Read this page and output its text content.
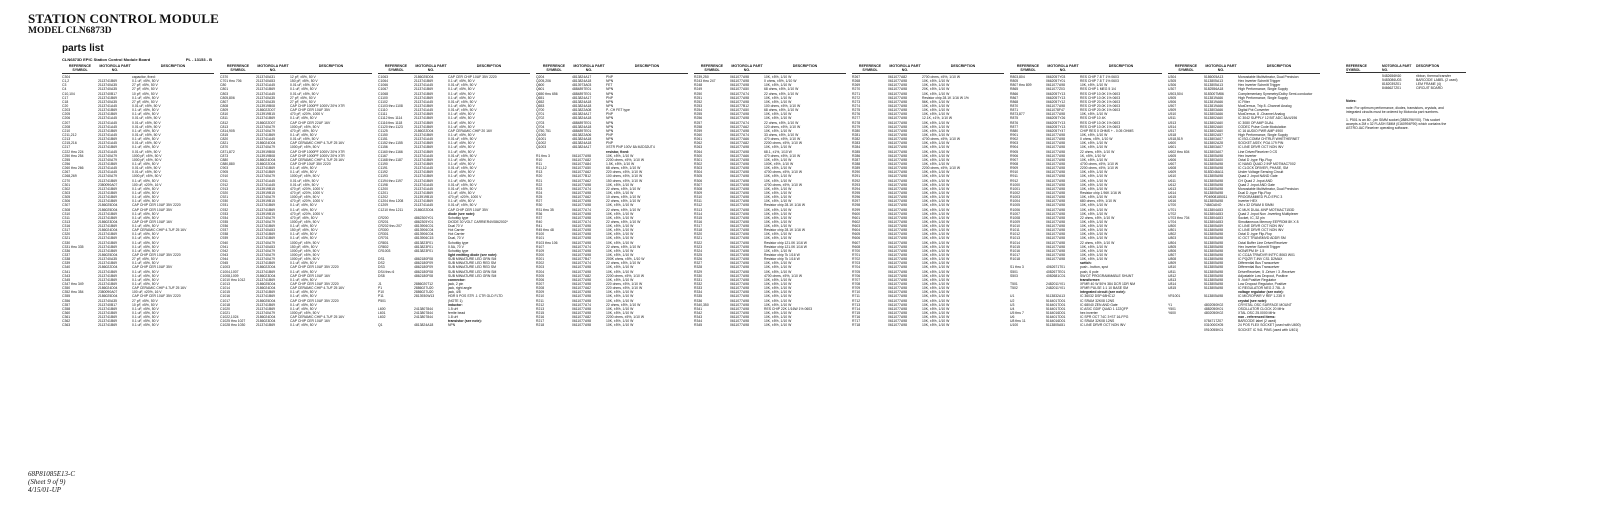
STATION CONTROL MODULE
MODEL CLN6873D
parts list
CLN6873D EPIC Station Control Module Board	PL - 13153 - B
REFERENCE SYMBOL
MOTOROLA PART NO.
DESCRIPTION
C304	capacitor, fixed:
C1,2	2113741B69	0.1 uF, ±5%, 50 V
C3	2113740A35	27 pF, ±5%, 50 V
C4	2113740A35	27 pF, ±5%, 50 V
C10,104	2113740B17	10 pF, ±5%, 50 V
C17	2113741B69	0.1 uF, ±5%, 50 V
C18	2113740A35	27 pF, ±5%, 50 V
C20	2113741A45	0.01 uF, ±5%, 50 V
C203	2113741B69	0.1 uF, ±5%, 50 V
C205	2113741B69	0.1 uF, ±5%, 50 V
C206	2113741A45	0.01 uF, ±5%, 50 V
C207	2113741A45	0.01 uF, ±5%, 50 V
C208	2113741A45	0.01 uF, ±5%, 50 V
C210	2113741B69	0.1 uF, ±5%, 50 V
C211,212	2113741A45	0.01 uF, ±5%, 50 V
C213	2113741B69	0.1 uF, ±5%, 50 V
C215,216	2113741A45	0.01 uF, ±5%, 50 V
C217	2113741B69	0.1 uF, ±5%, 50 V
C222 thru 224	2113741A45	0.01 uF, ±5%, 50 V
C250 thru 254	2113740A79	1000 pF, ±5%, 50 V
C255	2113740A79	1000 pF, ±5%, 50 V
C256	2113741B69	0.1 uF, ±5%, 50 V
C260 thru 266	2113741A45	0.01 uF, ±5%, 50 V
C267	2113741A45	0.01 uF, ±5%, 50 V
C268,269	2113740A79	1000 pF, ±5%, 50 V
C270	2113741B69	0.1 uF, ±5%, 50 V
C301	2380090A07	100 uF, ±20%, 16 V
C302	2113741B69	0.1 uF, ±5%, 50 V
C303	2113741B69	0.1 uF, ±5%, 50 V
C305	2113741B69	0.1 uF, ±5%, 50 V
C306	2113741B69	0.1 uF, ±5%, 50 V
C307	2186025D04	CAP CHIP CER 10UF 35V 2220
C308	2186025D04	CAP CHIP CER 10UF 35V
C310	2113741B69	0.1 uF, ±5%, 50 V
C311	2113741B69	0.1 uF, ±5%, 50 V
C313	2186023D04	CAP CHIP CER 10UF 16V
C316	2113741B69	0.1 uF, ±5%, 50 V
C317	2186024D04	CAP CERAMIC CHIP 4.7UF 25 16V
C320	2113741B69	0.1 uF, ±5%, 50 V
C321	2113741B69	0.1 uF, ±5%, 50 V
C330	2113741B69	0.1 uF, ±5%, 50 V
C331 thru 335	2113741B69	0.1 uF, ±5%, 50 V
C336	2113741B69	0.1 uF, ±5%, 50 V
C337	2186025D04	CAP CHIP CER 10UF 35V 2220
C338	2113740A35	27 pF, ±5%, 50 V
C339	2113741B69	0.1 uF, ±5%, 50 V
C340	2186022D04	CAP CHIP CER 10UF 35V
C341	2113741B69	0.1 uF, ±5%, 50 V
C343	2113741B69	0.1 uF, ±5%, 50 V
C345	2113741B69	0.1 uF, ±5%, 50 V
C347 thru 349	2113741B69	0.1 uF, ±5%, 50 V
C350	2186024D04	CAP CERAMIC CHIP 4.7UF 25 16V
C352 thru 354	2380090A07	100 uF, ±20%, 16 V
C355	2186025D04	CAP CHIP CER 10UF 35V 2220
C356	2113740A35	27 pF, ±5%, 50 V
C357	2113740B17	10 pF, ±5%, 50 V
C358	2113741B69	0.1 uF, ±5%, 50 V
C360	2113741B69	0.1 uF, ±5%, 50 V
C361	2113741B69	0.1 uF, ±5%, 50 V
C362	2113741B69	0.1 uF, ±5%, 50 V
C363	2113741B69	0.1 uF, ±5%, 50 V
REFERENCE SYMBOL
MOTOROLA PART NO.
DESCRIPTION
C370	2113740A31	12 pF, ±5%, 50 V
C701 thru 706	2113740A53	150 pF, ±5%, 50 V
C80	2113741A45	0.01 uF, ±5%, 50 V
C801	2113741B69	0.1 uF, ±5%, 50 V
C803	2113741A45	0.01 uF, ±5%, 50 V
C805,806	2113740A35	27 pF, ±5%, 50 V
C807	2113740A35	27 pF, ±5%, 50 V
C808	2113919B08	CAP CHIP 1000PF 1000V 20% X7R
C809	2186022D07	CAP CHIP CER 10UF 35V
C810	2113919B15	470 pF, ±20%, 1000 V
C811	2113741B69	0.1 uF, ±5%, 50 V
C812	2186022D07	CAP CHIP CER 22UF 16V
C813	2113740A79	1000 pF, ±5%, 50 V
C814,905	2113740A79	470 pF, ±5%, 50 V
C815	2113741B69	0.1 uF, ±5%, 50 V
C820	2113741A45	0.01 uF, ±5%, 50 V
C821	2186024D04	CAP CERAMIC CHIP 4.7UF 25 16V
C870	2113740A79	1000 pF, ±5%, 50 V
C871,872	2113919B08	CAP CHIP 1000PF 1000V 20% X7R
C873	2113919B08	CAP CHIP 1000PF 1000V 20% X7R
C880	2186024D04	CAP CERAMIC CHIP 4.7UF 25 16V
C880,880	2186022D04	CAP CHIP 10UF 35V 2220
C903	2113741B69	0.1 uF, ±5%, 50 V
C905	2113741B69	0.1 uF, ±5%, 50 V
C910	2113740A79	1000 pF, ±5%, 50 V
C911	2113741A45	0.01 uF, ±5%, 50 V
C912	2113741A45	0.01 uF, ±5%, 50 V
C913	2113919B15	470 pF, ±20%, 1000 V
C920	2113919B15	470 pF, ±20%, 1000 V
C921	2113740A79	1000 pF, ±5%, 50 V
C930	2113919B15	470 pF, ±20%, 1000 V
C931	2113741B69	0.1 uF, ±5%, 50 V
C932	2113741B69	0.1 uF, ±5%, 50 V
C933	2113919B15	470 pF, ±20%, 1000 V
C934	2113740A79	470 pF, ±5%, 50 V
C935	2113740A79	1000 pF, ±5%, 50 V
C936	2113741B69	0.1 uF, ±5%, 50 V
C937	2113740A53	150 pF, ±5%, 50 V
C938	2113741B69	0.1 uF, ±5%, 50 V
C939	2113741B69	0.1 uF, ±5%, 50 V
C940	2113740A79	1000 pF, ±5%, 50 V
C941	2113740A53	150 pF, ±5%, 50 V
C942	2113740A79	1000 pF, ±5%, 50 V
C943	2113740A79	1000 pF, ±5%, 50 V
C944	2113740A79	1000 pF, ±5%, 50 V
C945	2113741B69	0.1 uF, ±5%, 50 V
C1003	2186022D04	CAP CHIP CER 10UF 35V 2220
C1004,1007	2113741B69	0.1 uF, ±5%, 50 V
C1008,1009	2186023D04	CAP CHIP CER 10UF 16V
C1010 thru 1012	2113741B69	0.1 uF, ±5%, 50 V
C1013	2186025D04	CAP CHIP CER 10UF 35V 2220
C1014	2186024D04	CAP CERAMIC CHIP 4.7UF 25 16V
C1015	2113741B69	0.1 uF, ±5%, 50 V
C1016	2113741B69	0.1 uF, ±5%, 50 V
C1017	2186025D04	CAP CHIP CER 10UF 35V 2220
C1018	2113741B69	0.1 uF, ±5%, 50 V
C1020	2113741B69	0.1 uF, ±5%, 50 V
C1021	2113740A79	1000 pF, ±5%, 50 V
C1022,1024	2186024D04	CAP CERAMIC CHIP 4.7UF 25 16V
C1025 thru 1027	2186023D04	CAP CHIP CER 10UF 16V
C1028 thru 1030	2113741B69	0.1 uF, ±5%, 50 V
REFERENCE SYMBOL
MOTOROLA PART NO.
DESCRIPTION
C1063	2186025D04	CAP CER CHIP 10UF 35V 2220
C1064	2113741B69	0.1 uF, ±5%, 50 V
C1066	2113741A45	0.01 uF, ±5%, 50 V
C1067	2113741B69	0.1 uF, ±5%, 50 V
C1068	2113741B69	0.1 uF, ±5%, 50 V
C1100	2113741B69	0.1 uF, ±5%, 50 V
C1102	2113741A45	0.01 uF, ±5%, 50 V
C1103 thru 1108	2113741B69	0.1 uF, ±5%, 50 V
C1110	2113741A45	0.01 uF, ±5%, 50 V
C1111	2113741B69	0.1 uF, ±5%, 50 V
C1112 thru 1114	2113741B69	0.1 uF, ±5%, 50 V
C1116 thru 1118	2113741B69	0.1 uF, ±5%, 50 V
C1120 thru 1123	2113741B69	0.1 uF, ±5%, 50 V
C1125	2186022D04	CAP CERAMIC CHIP 20 16V
C1150	2113741B69	0.1 uF, ±5%, 50 V
C1151	2113741A45	0.01 uF, ±5%, 50 V
C1152 thru 1155	2113741B69	0.1 uF, ±5%, 50 V
C1156	2113741B69	0.1 uF, ±5%, 50 V
C1160 thru 1166	2113741B69	0.1 uF, ±5%, 50 V
C1167	2113741A45	0.01 uF, ±5%, 50 V
C1168 thru 1187	2113741B69	0.1 uF, ±5%, 50 V
C1190	2113741B69	0.1 uF, ±5%, 50 V
C1191	2113741A45	0.01 uF, ±5%, 50 V
C1192	2113741B69	0.1 uF, ±5%, 50 V
C1193	2113741B69	0.1 uF, ±5%, 50 V
C1194 thru 1197	2113741B69	0.1 uF, ±5%, 50 V
C1198	2113741A45	0.01 uF, ±5%, 50 V
C1200	2113741A45	0.01 uF, ±5%, 50 V
C1201	2113741B69	0.1 uF, ±5%, 50 V
C1202	2113919B15	470 pF, ±20%, 1000 V
C1204 thru 1208	2113741B69	0.1 uF, ±5%, 50 V
C1209	2113741A45	0.01 uF, ±5%, 50 V
C1210 thru 1211	2186022D04	CAP CHIP CER 10UF 35V
diode (see note):
CR200	4862300Y01	Schottky type
CR201	4862305Y01	DIODE 30 VOLT CARRIER4V0862002*
CR202 thru 207	4813906C01	Dual 70 V
CR300	4813906C04	Hot Carrier
CR301	4813906C04	Hot Carrier
CR701	4813906C15	Dual, 70 V
CR801	4813823F01	Schottky type
CR802	4813823F01	0.5A, 70 V
CR1003	4813823F01	Schottky type
light emitting diode (see note):
DS1	4862180F08	SUB MINIATURE LED GRN SM
DS2	4862180F09	SUB MINIATURE LED RED SM
DS3	4862180F09	SUB MINIATURE LED RED SM
DS4 thru 6	4862180F08	SUB MINIATURE LED GRN SM
DS8	4862180F08	SUB MINIATURE LED GRN SM
connector:
J1	2886020T12	jack, 2 pin
P1	2886027U20	jack, right angle
P10	2886027U20	jack, 4/8
P11	2813930W13	HDR 5 POS STR .1 CTR GLD FLTD
P501	(NOTE 1)
inductor:
L600	2413807844	1.5 uH
L601	2413807844	ferrite bead
L602	2413807844	1.8 uH
transistor (see note):
Q1	4813824A18	NPN
REFERENCE SYMBOL
MOTOROLA PART NO.
DESCRIPTION
Q204	4813824A17	PNP
Q205,206	4813824A18	NPN
Q600	4813973A03	FET
Q601	4884897E01	NPN
Q650 thru 656	4884897E01	NPN
Q651	4813824A17	PNP
Q652	4813824A18	NPN
Q653	4813824A18	NPN
Q700	4813822A08	P- CH FET type
Q701	4813824A17	PNP
Q702	4813824A18	NPN
Q703	4884897E01	NPN
Q704	4813824A18	NPN
Q750,751	4884897E01	NPN
Q1000	4813822A06	PNP
Q1001	4813824A18	NPN
Q1002	4813824A18	PNP
Q1003	4813824A17	XSTR PNP 100V 8A MJD32UT4
resistor, fixed:
R1 thru 3	0611077A98	10K, ±5%, 1/10 W
R10	0611077A82	2200 ohms, ±5%, 1/10 W
R11	0611077A84	1.5K, ±5%, 1/10 W
R11,12	0611077A50	68 ohms, ±5%, 1/10 W
R13	0611077A62	220 ohms, ±5%, 1/10 W
R20	0611077B12	100 ohms, ±5%, 1/10 W
R21	0611077A62	150 ohms, ±5%, 1/10 W
R22	0611077A98	10K, ±5%, 1/10 W
R23	0611077A74	22 ohms, ±5%, 1/10 W
R24	0611077A98	10K, ±5%, 1/10 W
R25	0611077A62	10 ohms, ±5%, 1/10 W
R27	0611077A98	22 ohms, ±5%, 1/10 W
R30	0611077A98	10K, ±5%, 1/10 W
R31 thru 35	0611077A74	22 ohms, ±5%, 1/10 W
R36	0611077A98	10K, ±5%, 1/10 W
R37	0611077A98	10K, ±5%, 1/10 W
R40	0611077A74	22 ohms, ±5%, 1/10 W
R41	0611077A98	10K, ±5%, 1/10 W
R45 thru 48	0611077A98	10K, ±5%, 1/10 W
R100	0611077A98	10K, ±5%, 1/10 W
R101	0611077A98	10K, ±5%, 1/10 W
R103 thru 106	0611077A98	10K, ±5%, 1/10 W
R107	0611077A74	22 ohms, ±5%, 1/10 W
R109	0611077A98	10K, ±5%, 1/10 W
R200	0611077A98	10K, ±5%, 1/10 W
R201	0611077B47	200K ohms, ±5%, 1/10 W
R202	0611077A74	22 ohms, ±5%, 1/10 W
R203	0611077A98	10K, ±5%, 1/10 W
R204	0611077A98	10K, ±5%, 1/10 W
R205	0611077A82	2200 ohms, ±5%, 1/10 W
R206	0611077A98	10K, ±5%, 1/10 W
R207	0611077A98	220 ohms, ±5%, 1/10 W
R208	0611077A62	220 ohms, ±5%, 1/10 W
R209	0611077A98	10K, ±5%, 1/10 W
R210	0611077A98	10K, ±5%, 1/10 W
R211	0611077A98	10K, ±5%, 1/10 W
R212	0611077A74	22 ohms, ±5%, 1/10 W
R213	0611077A98	10K, ±5%, 1/10 W
R215	0611077A98	10K, ±5%, 1/10 W
R216	0611077A82	2200 ohms, ±5%, 1/10 W
R217	0611077A98	10K, ±5%, 1/10 W
R218	0611077A98	10K, ±5%, 1/10 W
REFERENCE SYMBOL
MOTOROLA PART NO.
DESCRIPTION
R239,250	0611077A98	10K, ±5%, 1/10 W
R243 thru 247	0611077A98	0 ohms, ±5%, 1/10 W
R248	0611077A98	10K, ±5%, 1/10 W
R249	0611077A50	68 ohms, ±5%, 1/10 W
R250	0611077A74	22 ohms, ±5%, 1/10 W
R251	0611077A98	10K, ±5%, 1/10 W
R252	0611077A98	10K, ±5%, 1/10 W
R253	0611077B12	100 ohms, ±5%, 1/10 W
R254	0611077A50	68 ohms, ±5%, 1/10 W
R255	0611077A98	10K, ±5%, 1/10 W
R256	0611077A98	10K, ±5%, 1/10 W
R257	0611077A74	22 ohms, ±5%, 1/10 W
R258	0611077A62	120 ohms, ±5%, 1/10 W
R259	0611077A98	10K, ±5%, 1/10 W
R260	0611077A74	33 ohms, ±5%, 1/10 W
R261	0611077A66	470 ohms, ±5%, 1/10 W
R262	0611077A82	2200 ohms, ±5%, 1/10 W
R263	0611077A98	10K, ±5%, 1/10 W
R264	0611077A98	68.1, ±1%, 1/10 W
R300	0611077A66	470 ohms, ±5%, 1/10 W
R301	0611077A98	10K, ±5%, 1/10 W
R302	0611077A98	100K, ±5%, 1/10 W
R303	0611077A98	10K, ±5%, 1/10 W
R304	0611077A98	4700 ohms, ±5%, 1/10 W
R305	0611077A98	10K, ±5%, 1/10 W
R306	0611077A98	10K, ±5%, 1/10 W
R307	0611077A98	4700 ohms, ±5%, 1/10 W
R308	0611077A98	10K, ±5%, 1/10 W
R309	0611077A98	10K, ±5%, 1/10 W
R310	0611077A98	10K, ±5%, 1/10 W
R311	0611077A98	10K, ±5%, 1/10 W
R312	0611077A98	Resistor chip 28.1K 1/16 W
R313	0611077A98	10K, ±5%, 1/10 W
R314	0611077A98	10K, ±5%, 1/10 W
R315	0611077A98	10K, ±5%, 1/10 W
R316	0611077A98	10K, ±5%, 1/10 W
R317	0611077A98	10K, ±5%, 1/10 W
R318	0611077A98	Resistor chip 28.1K 1/16 W
R320	0611077A98	10K, ±5%, 1/10 W
R321	0611077A98	10K, ±5%, 1/10 W
R322	0611077A98	Resistor chip 121.0K 1/16 W
R323	0611077A98	Resistor chip 121.0K 1/16 W
R324	0611077A98	10K, ±5%, 1/10 W
R325	0611077A98	Resistor chip 7k 1/16 W
R326	0611077A98	Resistor chip 7k 1/16 W
R327	0611077A98	10K, ±5%, 1/10 W
R328	0611077A98	10K, ±5%, 1/10 W
R329	0611077A98	10K, ±5%, 1/10 W
R330	0611077A98	4700 ohms, ±5%, 1/10 W
R331	0611077A98	10K, ±5%, 1/10 W
R332	0611077A98	10K, ±5%, 1/10 W
R333	0611077A98	10K, ±5%, 1/10 W
R334	0611077A98	10K, ±5%, 1/10 W
R335	0611077A98	10K, ±5%, 1/10 W
R336	0611077A98	10K, ±5%, 1/10 W
R340,350	0611077A98	10K, ±5%, 1/10 W
R341	0611077A98	RES CHIP 22K 1/16W 1% 0603
R342	0611077A98	10K, ±5%, 1/10 W
R343	0611077A98	10K, ±5%, 1/10 W
R344	0611077A98	10K, ±5%, 1/10 W
R345	0611077A98	10K, ±5%, 1/10 W
REFERENCE SYMBOL
MOTOROLA PART NO.
DESCRIPTION
R267	0611077A82	2700 ohms, ±5%, 1/10 W
R268	0611077A98	10K, ±5%, 1/10 W
R269	0611077A98	10K, ±5%, 1/10 W
R270	0611077A98	20K, ±5%, 1/10 W
R271	0611077A98	10K, ±5%, 1/10 W
R272	0611077A98	Resistor chip 28.1K 1/16 W 1%
R273	0611077A98	56K, ±5%, 1/10 W
R274	0611077A98	10K, ±5%, 1/10 W
R275	0611077A98	10K, ±5%, 1/10 W
R276	0611077A98	10K, ±5%, 1/10 W
R277	0611077A98	12.1K, ±1%, 1/10 W
R278	0611077A98	10K, ±5%, 1/10 W
R279	0611077A98	10K, ±5%, 1/10 W
R280	0611077A98	10K, ±5%, 1/10 W
R281	0611077A98	10K, ±5%, 1/10 W
R282	0611077A98	4700 ohms, ±5%, 1/10 W
R283	0611077A98	10K, ±5%, 1/10 W
R284	0611077A98	10K, ±5%, 1/10 W
R285	0611077A98	10K, ±5%, 1/10 W
R286	0611077A98	10K, ±5%, 1/10 W
R287	0611077A98	10K, ±5%, 1/10 W
R288	0611077A98	10K, ±5%, 1/10 W
R289	0611077A98	2200 ohms, ±5%, 1/10 W
R290	0611077A98	10K, ±5%, 1/10 W
R291	0611077A98	10K, ±5%, 1/10 W
R292	0611077A98	10K, ±5%, 1/10 W
R293	0611077A98	10K, ±5%, 1/10 W
R294	0611077A98	10K, ±5%, 1/10 W
R295	0611077A98	10K, ±5%, 1/10 W
R296	0611077A98	10K, ±5%, 1/10 W
R297	0611077A98	10K, ±5%, 1/10 W
R298	0611077A98	10K, ±5%, 1/10 W
R299	0611077A98	10K, ±5%, 1/10 W
R600	0611077A98	10K, ±5%, 1/10 W
R601	0611077A98	10K, ±5%, 1/10 W
R602	0611077A98	10K, ±5%, 1/10 W
R603	0611077A98	10K, ±5%, 1/10 W
R604	0611077A98	10K, ±5%, 1/10 W
R605	0611077A98	10K, ±5%, 1/10 W
R606	0611077A98	10K, ±5%, 1/10 W
R607	0611077A98	10K, ±5%, 1/10 W
R608	0611077A98	10K, ±5%, 1/10 W
R700	0611077A98	10K, ±5%, 1/10 W
R701	0611077A98	10K, ±5%, 1/10 W
R702	0611077A98	10K, ±5%, 1/10 W
R703	0611077A98	10K, ±5%, 1/10 W
R704	0611077A98	10K, ±5%, 1/10 W
R705	0611077A98	10K, ±5%, 1/10 W
R706	0611077A98	10K, ±5%, 1/10 W
R707	0611077A98	10K, ±5%, 1/10 W
R708	0611077A98	10K, ±5%, 1/10 W
R709	0611077A98	10K, ±5%, 1/10 W
R710	0611077A98	10K, ±5%, 1/10 W
R711	0611077A98	10K, ±5%, 1/10 W
R712	0611077A98	10K, ±5%, 1/10 W
R713	0611077A98	10K, ±5%, 1/10 W
R714	0611077A98	10K, ±5%, 1/10 W
R715	0611077A98	10K, ±5%, 1/10 W
R716	0611077A98	10K, ±5%, 1/10 W
R717	0611077A98	10K, ±5%, 1/10 W
R718	0611077A98	10K, ±5%, 1/10 W
REFERENCE SYMBOL
MOTOROLA PART NO.
DESCRIPTION
R803,804	0662057Y03	RES CHIP 7.8 T 1% 0603
R805	0662057Y01	RES CHIP 7.8 T 1% 0603
R807 thru 809	0611077A98	10K, ±5%, 1/10 W
R865	0611077Z03	RES CHIP 1 MEG 5 1/4
R866	0662057Y13	RES CHIP 10.0K 1% 0603
R867	0662057Y13	RES CHIP 10.0K 1% 0603
R868	0662057Y12	RES CHIP 20.0K 1% 0603
R870	0611077A98	RES CHIP 20.0K 1% 0603
R871	0611078F47	RES CHIP 20.0K 1% 0603
R873,877	0611077A98	10K, ±5%, 1/10 W
R875	0662057Y26	RES CHIP 10 4K
R876	0662057Y13	RES CHIP 10.0K 1% 0603
R877	0662057Y13	RES CHIP 10.0K 1% 0603
R880	0662057Y47	CHIP RES 0 OHMS + - 0.05 OHMS
R901	0611077A98	10K, ±5%, 1/10 W
R902	0611077A98	0 ohms, ±5%, 1/10 W
R903	0611077A98	10K, ±5%, 1/10 W
R904	0611077A98	10K, ±5%, 1/10 W
R905	0611077A98	22 ohms, ±5%, 1/10 W
R906	0611077A98	1K, ±5%, 1/10 W
R907	0611077A98	10K, ±5%, 1/10 W
R908	0611077A98	4700 ohms, ±5%, 1/10 W
R909	0611077A98	2200 ohms, ±5%, 1/10 W
R910	0611077A98	10K, ±5%, 1/10 W
R911	0611077A98	10K, ±5%, 1/10 W
R912	0611077A98	10K, ±5%, 1/10 W
R1000	0611077A98	10K, ±5%, 1/10 W
R1001	0611077A98	10K, ±5%, 1/10 W
R1002	0611077A98	Resistor chip 1.96K 1/16 W
R1003	0611077A98	10K, ±5%, 1/10 W
R1004	0611077A98	680 ohms, ±5%, 1/10 W
R1005	0611077A98	10K, ±5%, 1/10 W
R1006	0611077A98	10K, ±5%, 1/10 W
R1007	0611077A98	10K, ±5%, 1/10 W
R1008	0611077A98	22 ohms, ±5%, 1/10 W
R1009	0611077A98	10K, ±5%, 1/10 W
R1010	0611077A98	10K, ±5%, 1/10 W
R1011	0611077A98	10K, ±5%, 1/10 W
R1012	0611077A98	10K, ±5%, 1/10 W
R1013	0611077A98	10K, ±5%, 1/10 W
R1014	0611077A98	22 ohms, ±5%, 1/10 W
R1015	0611077A98	10K, ±5%, 1/10 W
R1016	0611077A98	10K, ±5%, 1/10 W
R1017	0611077A98	10K, ±5%, 1/10 W
R1018	0611077A98	10K, ±5%, 1/10 W
switch:
S1 thru 3	4062671T01	push - button, spst
S501	4082677E01	push, 6 pole
S503	4082681C01	SW DT PROGRAMMABLE SHUNT
transformer:
T501	2482011Y01	XFMR 40 W 50% 384 DCR 1DR NM
T502	2482011Y01	XFMR PULSE 1:1 10 BASE SM
integrated circuit (see note):
U1	5113832A13	IC 36032 DSP 68HC12
U2	5164017D01	IC SRAM 32K08 12NS
U3	5164017D01	IC 68040 ZEN AND Gate
U4	5164017D01	IC ASIC GDIF QUAD 1 122QFP
U5 thru 7	5164016D01	hex inverter
U6	5164017D01	IC SPR OCT 74C 3+ST 16-FPG
U8 thru 11	5164016D01	IC SRAM 32K08 12NS
U100	5113805A51	IC LINE DRVR OCT NON INV
REFERENCE SYMBOL
MOTOROLA PART NO.
DESCRIPTION
U304	5186005A13	Monostable Multivibrator, Dual Precision
U305	5113805A13	Hex Inverter Schmitt Trigger
U306	5113805A13	Hex Inverter Schmitt Trigger
U307	5182556A18	High Performance, Single Supply
U503,504	5183007M86	Complementary Symmetry/Dolby Semi-conductor
U505	5113819A66	High Performance, Single Supply
U506	5113819A66	IC Filter
U507	5113819A66	MuxDemux, Trip 8 -Channel Analog
U509	5113803A66	Digital Pot Converter
U510	5113803A66	MuxDemux, 8 -Channel Analog
U511	5113802A60	IC 3042 SUPPLY 12 BIT ADC 8A/4/196
U513	5113802A60	IC 3080 OP AMP DUAL
U514	5113802A60	CODEC Pulse Code Modulation
U517	5113802A60	IC 16 AUDIO PWR AMP 4900
U518	5113802A57	High Performance, Single Supply
U518,519	5113803A07	IC ISO-COMM CHTRLR WHETHERNET
U600	5113802A28	SOCKET ASSY, PGA 179 PIN
U601	5113803A07	IC LINE DRVR OCT NON INV
U602 thru 604	5113803A07	Line Driver/Receiver 0 CS
U605	5113805A98	Hex Inverter
U606	5113803A00	Octal D -type Flip-Flop
U607	5113805A98	IC NAND QUAD 2 INP MOTMAC7002
U608	5113805A98	IC CLOCK DRIVER, PHASE, SM
U609	5183D46A11	Under Voltage Sensing Circuit
U610	5113805A98	Quad 2 -Input NAND Gate
U611	5113805A98	CH Quad 2 -Input AND
U612	5113805A98	Quad 2 -Input AND Gate
U613	5113805A98	Monostable Multivibrator, Dual Precision
U614	5113805A98	Dual D -type Flip-Flop
U615	PD6908185011	PROGRAMMED PLD EPIC 3
U616	5113805A98	Inverter HEX
U700	7484DANO	2M x 32 DRAM 8 SIMM
U701	5113804A53	IC MUX DUAL 4INP MOTMACT153D
U702	5113804A53	Quad 2 -Input Non -Inverting Multiplexer
U703 thru 704	5113804A53	Socket, IC, 32 pin
U704	5113804A53	Simultaneous Memory EEPROM 8K X 8
U800	5113805A59	IC LINE DRVR OCT NON INV
U801	5113805A98	IC LINE DRVR OCT NON INV
U802	5113805A98	Octal D -type Flip-Flop
U803	5113805A98	IC OCT TRANSMVD ADDR SM
U804	5113805A98	Octal Buffer Line Driver/Receiver
U805	5113805A98	Hex Inverter Schmitt Trigger
U806	5113805A98	NON/EPM 8+ 1.5
U807	5113805A98	IC CC&A TRN/DVR INTFC 8063 W01
U808	5113805A98	IC PQ/ZR T-INV CS1 D2MAX
U809	5113805A98	Differential Bus Transceiver
U810	5113805A98	Differential Bus Transceiver
U811	5113805A98	DriverReceiver, 5 -Driver / 3 -Receiver
U812	5113805A98	Adjustable Low Dropout, Positive
U813	5113805A98	5 -Volt Positive Regulator
U814	5113805A98	Low Dropout Regulator, Positive
U815	5113805A98	IC REGULATOR NEG 2 78L -5
voltage regulator (see note):
VR1001	5113805A98	IC MICROPWR V REF 1.235 V
crystal (see note):
Y1	4802050K02	CRYSTAL OSC SURFACE MOUNT
Y501	4882050K01	OSCILLATOR CLOCK 20 MHz
Y600	4802050K02	XTAL OSC 25.0000 MHz
non - referenced items:
0784717Z07	BARCODE label (2 used)
0310000X05	24 POS FLEX SOCKET (used with U600)
0910055K01	SOCKET IC 941 PINS (used with U401)
REFERENCE SYMBOL
MOTOROLA PART NO.
DESCRIPTION
5482656K60	ribbon, thermal transfer
5483086U03	BARCODE LABEL (2 used)
8182039Z01	LEM FRAME (4)
8466627Z01	CIRCUIT BOARD
Notes:
note: For optimum performance, diodes, transistors, crystals, and
integrated circuits must be ordered by Motorola part numbers.
1. P501 is an 80 - pin SIMM socket (2889296Y00). This socket
accepts a 2M x 32 FLASH SIMM (0160994F90) which contains the
ASTRO-IAC Receiver operating software.
68P81085E13-C
(Sheet 9 of 9)
4/15/01-UP
